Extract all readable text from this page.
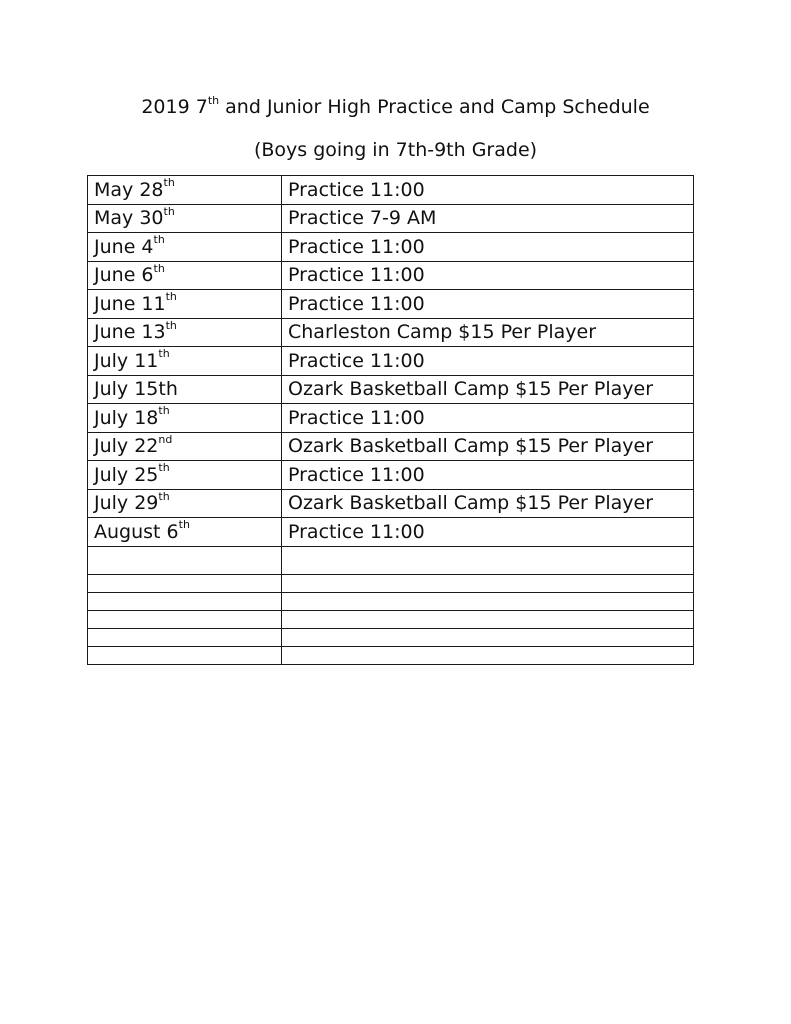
2019 7th and Junior High Practice and Camp Schedule
(Boys going in 7th-9th Grade)
May 28th	Practice 11:00
May 30th	Practice 7-9 AM
June 4th	Practice 11:00
June 6th	Practice 11:00
June 11th	Practice 11:00
June 13th	Charleston Camp $15 Per Player
July 11th	Practice 11:00
July 15th	Ozark Basketball Camp $15 Per Player
July 18th	Practice 11:00
July 22nd	Ozark Basketball Camp $15 Per Player
July 25th	Practice 11:00
July 29th	Ozark Basketball Camp $15 Per Player
August 6th	Practice 11:00
